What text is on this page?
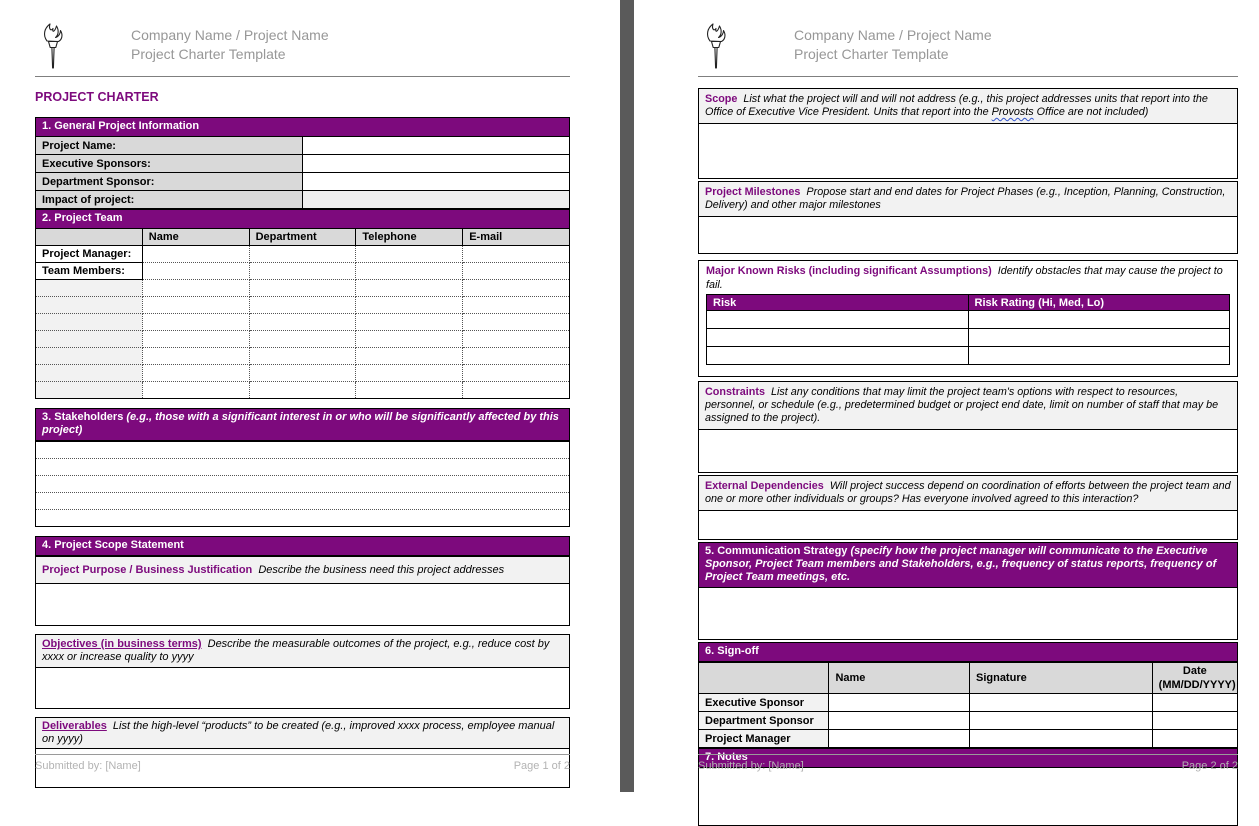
Company Name / Project Name
Project Charter Template
PROJECT CHARTER
1. General Project Information	
Project Name:	
Executive Sponsors:	
Department Sponsor:	
Impact of project:	
2. Project Team				
	Name	Department	Telephone	E-mail
Project Manager:				
Team Members:				

3. Stakeholders (e.g., those with a significant interest in or who will be significantly affected by this project)

4. Project Scope Statement
Project Purpose / Business Justification Describe the business need this project addresses
Objectives (in business terms) Describe the measurable outcomes of the project, e.g., reduce cost by xxxx or increase quality to yyyy
Deliverables List the high-level “products” to be created (e.g., improved xxxx process, employee manual on yyyy)
Submitted by: [Name]	Page 1 of 2
Company Name / Project Name
Project Charter Template
Scope List what the project will and will not address (e.g., this project addresses units that report into the Office of Executive Vice President. Units that report into the Provosts Office are not included)
Project Milestones Propose start and end dates for Project Phases (e.g., Inception, Planning, Construction, Delivery) and other major milestones
Major Known Risks (including significant Assumptions) Identify obstacles that may cause the project to fail.
Risk	Risk Rating (Hi, Med, Lo)

Constraints List any conditions that may limit the project team's options with respect to resources, personnel, or schedule (e.g., predetermined budget or project end date, limit on number of staff that may be assigned to the project).
External Dependencies Will project success depend on coordination of efforts between the project team and one or more other individuals or groups? Has everyone involved agreed to this interaction?
5. Communication Strategy (specify how the project manager will communicate to the Executive Sponsor, Project Team members and Stakeholders, e.g., frequency of status reports, frequency of Project Team meetings, etc.
6. Sign-off
	Name	Signature	Date
(MM/DD/YYYY)

Executive Sponsor			
Department Sponsor			
Project Manager			
7. Notes
Submitted by: [Name]	Page 2 of 2
